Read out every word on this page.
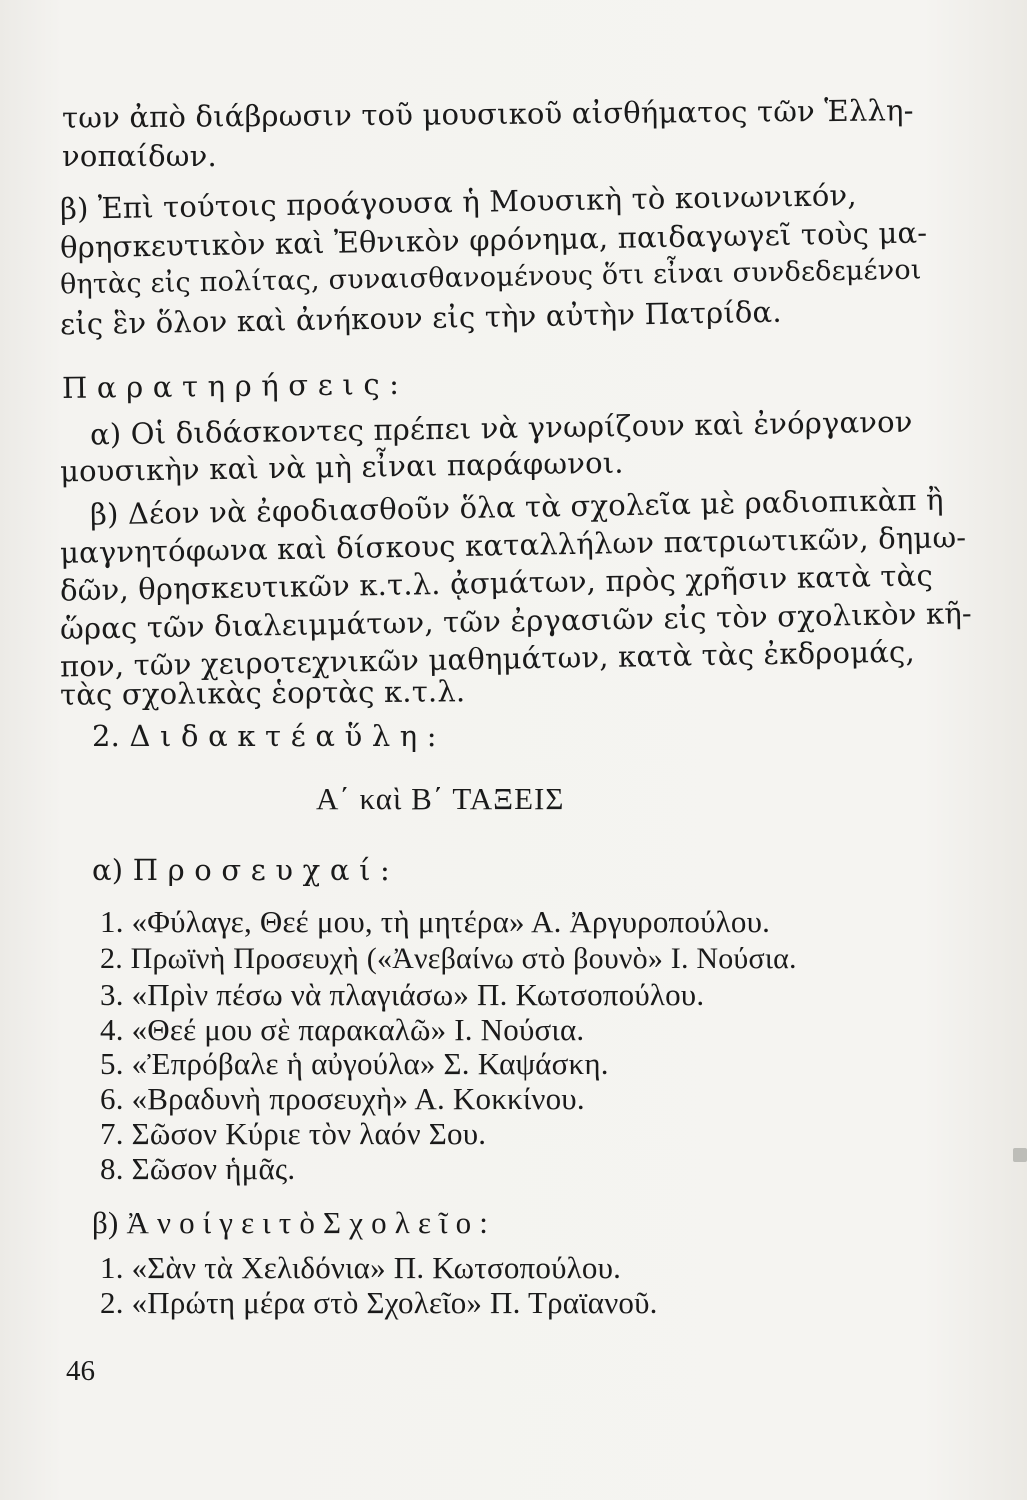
των ἀπὸ διάβρωσιν τοῦ μουσικοῦ αἰσθήματος τῶν Ἑλλη-
νοπαίδων.
β) Ἐπὶ τούτοις προάγουσα ἡ Μουσικὴ τὸ κοινωνικόν,
θρησκευτικὸν καὶ Ἐθνικὸν φρόνημα, παιδαγωγεῖ τοὺς μα-
θητὰς εἰς πολίτας, συναισθανομένους ὅτι εἶναι συνδεδεμένοι
εἰς ἓν ὅλον καὶ ἀνήκουν εἰς τὴν αὐτὴν Πατρίδα.
Π α ρ α τ η ρ ή σ ε ι ς :
α) Οἱ διδάσκοντες πρέπει νὰ γνωρίζουν καὶ ἐνόργανον
μουσικὴν καὶ νὰ μὴ εἶναι παράφωνοι.
β) Δέον νὰ ἐφοδιασθοῦν ὅλα τὰ σχολεῖα μὲ ραδιοπικὰπ ἢ
μαγνητόφωνα καὶ δίσκους καταλλήλων πατριωτικῶν, δημω-
δῶν, θρησκευτικῶν κ.τ.λ. ᾀσμάτων, πρὸς χρῆσιν κατὰ τὰς
ὥρας τῶν διαλειμμάτων, τῶν ἐργασιῶν εἰς τὸν σχολικὸν κῆ-
πον, τῶν χειροτεχνικῶν μαθημάτων, κατὰ τὰς ἐκδρομάς,
τὰς σχολικὰς ἑορτὰς κ.τ.λ.
2. Δ ι δ α κ τ έ α ὕ λ η :
Α΄ καὶ Β΄ ΤΑΞΕΙΣ
α) Π ρ ο σ ε υ χ α ί :
1. «Φύλαγε, Θεέ μου, τὴ μητέρα» Α. Ἀργυροπούλου.
2. Πρωϊνὴ Προσευχὴ («Ἀνεβαίνω στὸ βουνὸ» Ι. Νούσια.
3. «Πρὶν πέσω νὰ πλαγιάσω» Π. Κωτσοπούλου.
4. «Θεέ μου σὲ παρακαλῶ» Ι. Νούσια.
5. «Ἐπρόβαλε ἡ αὐγούλα» Σ. Καψάσκη.
6. «Βραδυνὴ προσευχὴ» Α. Κοκκίνου.
7. Σῶσον Κύριε τὸν λαόν Σου.
8. Σῶσον ἡμᾶς.
β) Ἀ ν ο ί γ ε ι τ ὸ Σ χ ο λ ε ῖ ο :
1. «Σὰν τὰ Χελιδόνια» Π. Κωτσοπούλου.
2. «Πρώτη μέρα στὸ Σχολεῖο» Π. Τραϊανοῦ.
46
